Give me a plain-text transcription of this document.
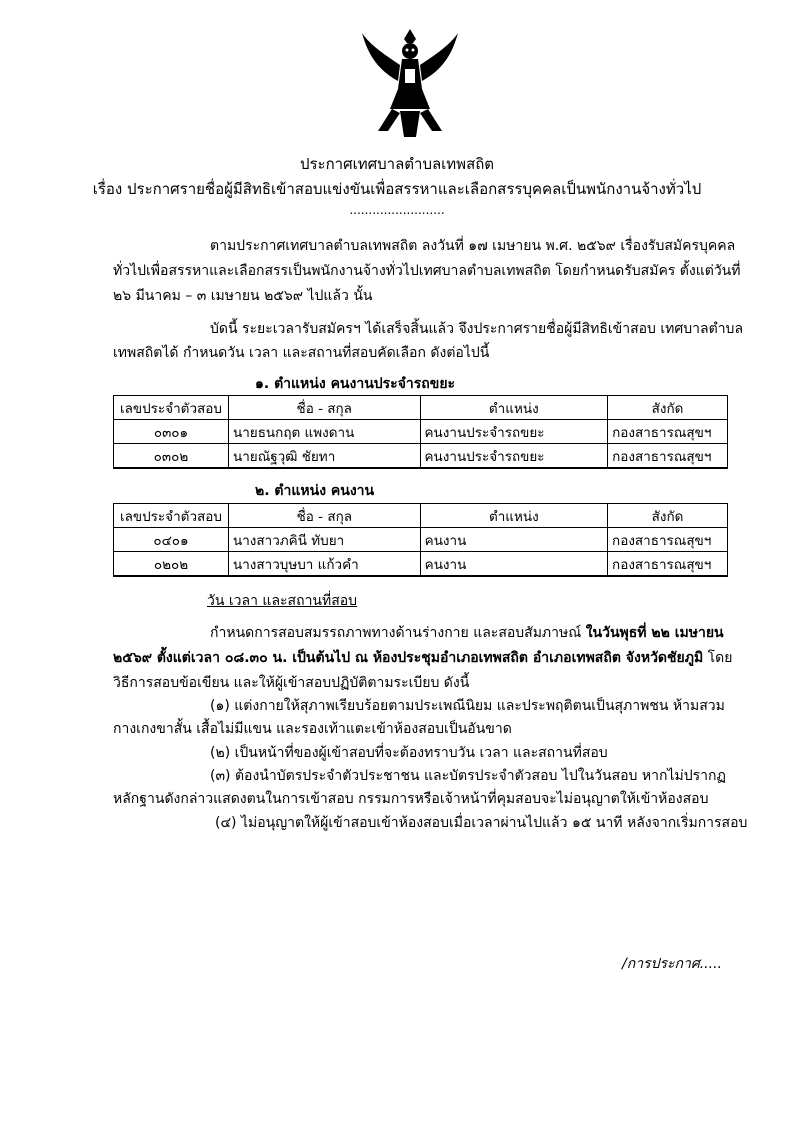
ประกาศเทศบาลตำบลเทพสถิต
เรื่อง ประกาศรายชื่อผู้มีสิทธิเข้าสอบแข่งขันเพื่อสรรหาและเลือกสรรบุคคลเป็นพนักงานจ้างทั่วไป
.........................
ตามประกาศเทศบาลตำบลเทพสถิต ลงวันที่ ๑๗ เมษายน พ.ศ. ๒๕๖๙ เรื่องรับสมัครบุคคล
ทั่วไปเพื่อสรรหาและเลือกสรรเป็นพนักงานจ้างทั่วไปเทศบาลตำบลเทพสถิต โดยกำหนดรับสมัคร ตั้งแต่วันที่
๒๖ มีนาคม – ๓ เมษายน ๒๕๖๙ ไปแล้ว นั้น
บัดนี้ ระยะเวลารับสมัครฯ ได้เสร็จสิ้นแล้ว จึงประกาศรายชื่อผู้มีสิทธิเข้าสอบ เทศบาลตำบล
เทพสถิตได้ กำหนดวัน เวลา และสถานที่สอบคัดเลือก ดังต่อไปนี้
๑. ตำแหน่ง คนงานประจำรถขยะ
เลขประจำตัวสอบ	ชื่อ - สกุล	ตำแหน่ง	สังกัด
๐๓๐๑	นายธนกฤต แพงดาน	คนงานประจำรถขยะ	กองสาธารณสุขฯ
๐๓๐๒	นายณัฐวุฒิ ชัยทา	คนงานประจำรถขยะ	กองสาธารณสุขฯ
๒. ตำแหน่ง คนงาน
เลขประจำตัวสอบ	ชื่อ - สกุล	ตำแหน่ง	สังกัด
๐๔๐๑	นางสาวภคินี ทับยา	คนงาน	กองสาธารณสุขฯ
๐๒๐๒	นางสาวบุษบา แก้วคำ	คนงาน	กองสาธารณสุขฯ
วัน เวลา และสถานที่สอบ
กำหนดการสอบสมรรถภาพทางด้านร่างกาย และสอบสัมภาษณ์ ในวันพุธที่ ๒๒ เมษายน
๒๕๖๙ ตั้งแต่เวลา ๐๘.๓๐ น. เป็นต้นไป ณ ห้องประชุมอำเภอเทพสถิต อำเภอเทพสถิต จังหวัดชัยภูมิ โดย
วิธีการสอบข้อเขียน และให้ผู้เข้าสอบปฏิบัติตามระเบียบ ดังนี้
(๑) แต่งกายให้สุภาพเรียบร้อยตามประเพณีนิยม และประพฤติตนเป็นสุภาพชน ห้ามสวม
กางเกงขาสั้น เสื้อไม่มีแขน และรองเท้าแตะเข้าห้องสอบเป็นอันขาด
(๒) เป็นหน้าที่ของผู้เข้าสอบที่จะต้องทราบวัน เวลา และสถานที่สอบ
(๓) ต้องนำบัตรประจำตัวประชาชน และบัตรประจำตัวสอบ ไปในวันสอบ หากไม่ปรากฏ
หลักฐานดังกล่าวแสดงตนในการเข้าสอบ กรรมการหรือเจ้าหน้าที่คุมสอบจะไม่อนุญาตให้เข้าห้องสอบ
(๔) ไม่อนุญาตให้ผู้เข้าสอบเข้าห้องสอบเมื่อเวลาผ่านไปแล้ว ๑๕ นาที หลังจากเริ่มการสอบ
/การประกาศ.....
